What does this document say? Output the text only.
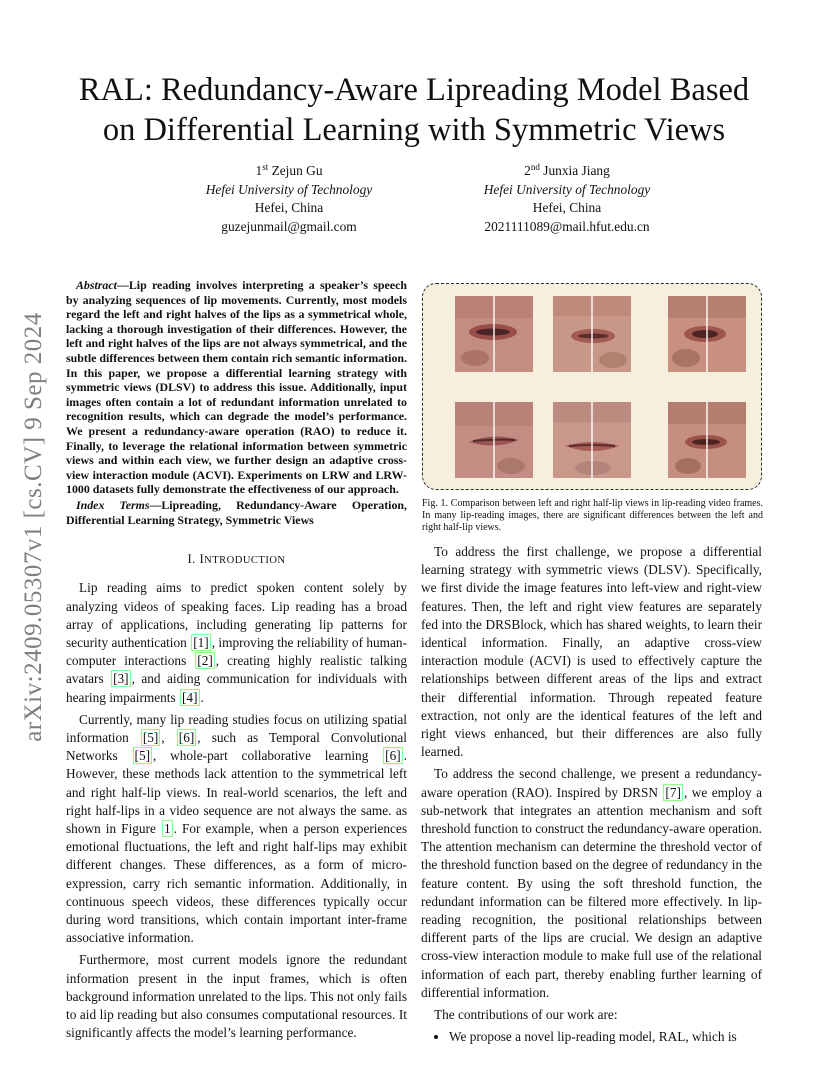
arXiv:2409.05307v1 [cs.CV] 9 Sep 2024
RAL: Redundancy-Aware Lipreading Model Based on Differential Learning with Symmetric Views
1st Zejun Gu
Hefei University of Technology
Hefei, China
guzejunmail@gmail.com
2nd Junxia Jiang
Hefei University of Technology
Hefei, China
2021111089@mail.hfut.edu.cn

Abstract—Lip reading involves interpreting a speaker’s speech by analyzing sequences of lip movements. Currently, most models regard the left and right halves of the lips as a symmetrical whole, lacking a thorough investigation of their differences. However, the left and right halves of the lips are not always symmetrical, and the subtle differences between them contain rich semantic information. In this paper, we propose a differential learning strategy with symmetric views (DLSV) to address this issue. Additionally, input images often contain a lot of redundant information unrelated to recognition results, which can degrade the model’s performance. We present a redundancy-aware operation (RAO) to reduce it. Finally, to leverage the relational information between symmetric views and within each view, we further design an adaptive cross-view interaction module (ACVI). Experiments on LRW and LRW-1000 datasets fully demonstrate the effectiveness of our approach.

Index Terms—Lipreading, Redundancy-Aware Operation, Differential Learning Strategy, Symmetric Views

I. INTRODUCTION

Lip reading aims to predict spoken content solely by analyzing videos of speaking faces. Lip reading has a broad array of applications, including generating lip patterns for security authentication [1] , improving the reliability of human-computer interactions [2] , creating highly realistic talking avatars [3] , and aiding communication for individuals with hearing impairments [4] .

Currently, many lip reading studies focus on utilizing spatial information [5] , [6] , such as Temporal Convolutional Networks [5] , whole-part collaborative learning [6] . However, these methods lack attention to the symmetrical left and right half-lip views. In real-world scenarios, the left and right half-lips in a video sequence are not always the same. as shown in Figure 1 . For example, when a person experiences emotional fluctuations, the left and right half-lips may exhibit different changes. These differences, as a form of micro-expression, carry rich semantic information. Additionally, in continuous speech videos, these differences typically occur during word transitions, which contain important inter-frame associative information.

Furthermore, most current models ignore the redundant information present in the input frames, which is often background information unrelated to the lips. This not only fails to aid lip reading but also consumes computational resources. It significantly affects the model’s learning performance.

Fig. 1. Comparison between left and right half-lip views in lip-reading video frames. In many lip-reading images, there are significant differences between the left and right half-lip views.

To address the first challenge, we propose a differential learning strategy with symmetric views (DLSV). Specifically, we first divide the image features into left-view and right-view features. Then, the left and right view features are separately fed into the DRSBlock, which has shared weights, to learn their identical information. Finally, an adaptive cross-view interaction module (ACVI) is used to effectively capture the relationships between different areas of the lips and extract their differential information. Through repeated feature extraction, not only are the identical features of the left and right views enhanced, but their differences are also fully learned.

To address the second challenge, we present a redundancy-aware operation (RAO). Inspired by DRSN [7] , we employ a sub-network that integrates an attention mechanism and soft threshold function to construct the redundancy-aware operation. The attention mechanism can determine the threshold vector of the threshold function based on the degree of redundancy in the feature content. By using the soft threshold function, the redundant information can be filtered more effectively. In lip-reading recognition, the positional relationships between different parts of the lips are crucial. We design an adaptive cross-view interaction module to make full use of the relational information of each part, thereby enabling further learning of differential information.

The contributions of our work are:

• We propose a novel lip-reading model, RAL, which is
